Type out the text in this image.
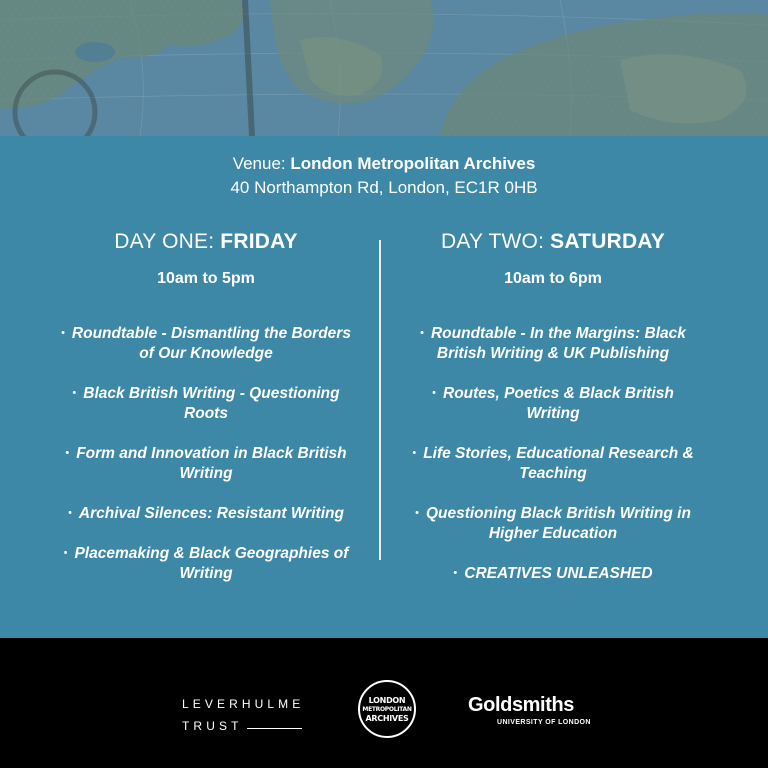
Venue: London Metropolitan Archives
40 Northampton Rd, London, EC1R 0HB
DAY ONE: FRIDAY
10am to 5pm
• Roundtable - Dismantling the Borders of Our Knowledge
• Black British Writing - Questioning Roots
• Form and Innovation in Black British Writing
• Archival Silences: Resistant Writing
• Placemaking & Black Geographies of Writing
DAY TWO: SATURDAY
10am to 6pm
• Roundtable - In the Margins: Black British Writing & UK Publishing
• Routes, Poetics & Black British Writing
• Life Stories, Educational Research & Teaching
• Questioning Black British Writing in Higher Education
• CREATIVES UNLEASHED
LEVERHULME
TRUST
LONDON
METROPOLITAN
ARCHIVES
Goldsmiths
UNIVERSITY OF LONDON
